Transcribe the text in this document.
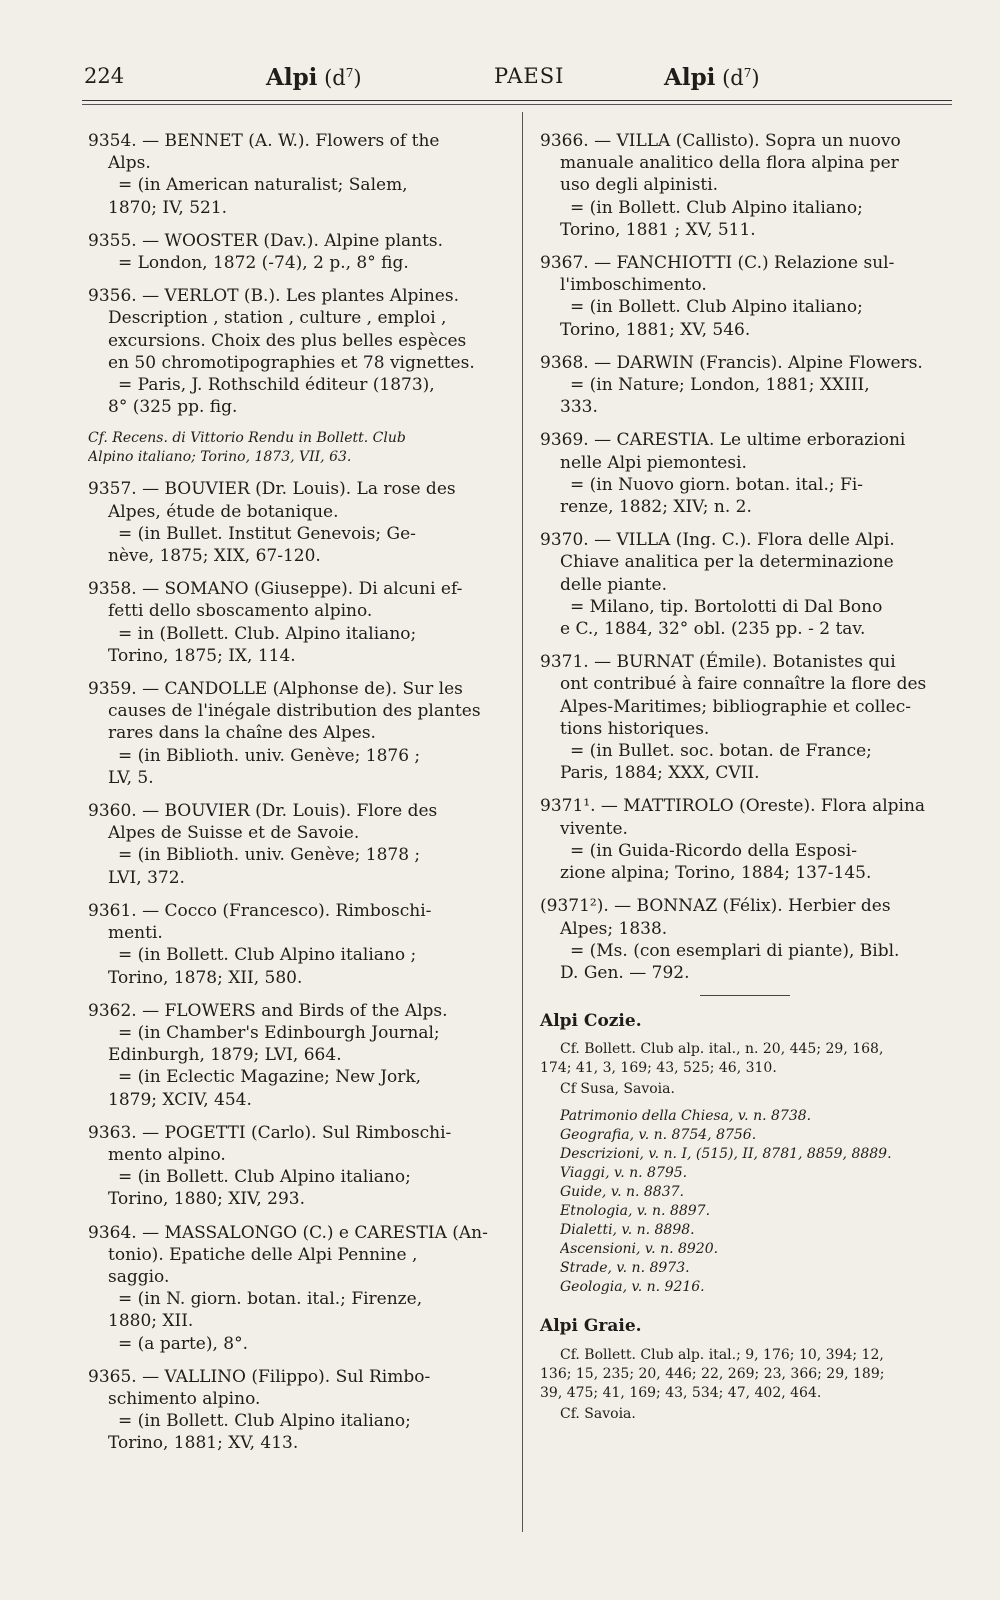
224	Alpi $(d^7)$	PAESI	Alpi $(d^7)$
9354. — BENNET (A. W.). Flowers of the
Alps.
= (in American naturalist; Salem,
1870; IV, 521.
9355. — WOOSTER (Dav.). Alpine plants.
= London, 1872 (-74), 2 p., 8° fig.
9356. — VERLOT (B.). Les plantes Alpines.
Description , station , culture , emploi ,
excursions. Choix des plus belles espèces
en 50 chromotipographies et 78 vignettes.
= Paris, J. Rothschild éditeur (1873),
8° (325 pp. fig.
Cf. Recens. di Vittorio Rendu in Bollett. Club
Alpino italiano; Torino, 1873, VII, 63.
9357. — BOUVIER (Dr. Louis). La rose des
Alpes, étude de botanique.
= (in Bullet. Institut Genevois; Ge-
nève, 1875; XIX, 67-120.
9358. — SOMANO (Giuseppe). Di alcuni ef-
fetti dello sboscamento alpino.
= in (Bollett. Club. Alpino italiano;
Torino, 1875; IX, 114.
9359. — CANDOLLE (Alphonse de). Sur les
causes de l'inégale distribution des plantes
rares dans la chaîne des Alpes.
= (in Biblioth. univ. Genève; 1876 ;
LV, 5.
9360. — BOUVIER (Dr. Louis). Flore des
Alpes de Suisse et de Savoie.
= (in Biblioth. univ. Genève; 1878 ;
LVI, 372.
9361. — Cocco (Francesco). Rimboschi-
menti.
= (in Bollett. Club Alpino italiano ;
Torino, 1878; XII, 580.
9362. — FLOWERS and Birds of the Alps.
= (in Chamber's Edinbourgh Journal;
Edinburgh, 1879; LVI, 664.
= (in Eclectic Magazine; New Jork,
1879; XCIV, 454.
9363. — POGETTI (Carlo). Sul Rimboschi-
mento alpino.
= (in Bollett. Club Alpino italiano;
Torino, 1880; XIV, 293.
9364. — MASSALONGO (C.) e CARESTIA (An-
tonio). Epatiche delle Alpi Pennine ,
saggio.
= (in N. giorn. botan. ital.; Firenze,
1880; XII.
= (a parte), 8°.
9365. — VALLINO (Filippo). Sul Rimbo-
schimento alpino.
= (in Bollett. Club Alpino italiano;
Torino, 1881; XV, 413.
9366. — VILLA (Callisto). Sopra un nuovo
manuale analitico della flora alpina per
uso degli alpinisti.
= (in Bollett. Club Alpino italiano;
Torino, 1881 ; XV, 511.
9367. — FANCHIOTTI (C.) Relazione sul-
l'imboschimento.
= (in Bollett. Club Alpino italiano;
Torino, 1881; XV, 546.
9368. — DARWIN (Francis). Alpine Flowers.
= (in Nature; London, 1881; XXIII,
333.
9369. — CARESTIA. Le ultime erborazioni
nelle Alpi piemontesi.
= (in Nuovo giorn. botan. ital.; Fi-
renze, 1882; XIV; n. 2.
9370. — VILLA (Ing. C.). Flora delle Alpi.
Chiave analitica per la determinazione
delle piante.
= Milano, tip. Bortolotti di Dal Bono
e C., 1884, 32° obl. (235 pp. - 2 tav.
9371. — BURNAT (Émile). Botanistes qui
ont contribué à faire connaître la flore des
Alpes-Maritimes; bibliographie et collec-
tions historiques.
= (in Bullet. soc. botan. de France;
Paris, 1884; XXX, CVII.
9371¹. — MATTIROLO (Oreste). Flora alpina
vivente.
= (in Guida-Ricordo della Esposi-
zione alpina; Torino, 1884; 137-145.
(9371²). — BONNAZ (Félix). Herbier des
Alpes; 1838.
= (Ms. (con esemplari di piante), Bibl.
D. Gen. — 792.
Alpi Cozie.
Cf. Bollett. Club alp. ital., n. 20, 445; 29, 168,
174; 41, 3, 169; 43, 525; 46, 310.
Cf Susa, Savoia.
Patrimonio della Chiesa, v. n. 8738.
Geografia, v. n. 8754, 8756.
Descrizioni, v. n. I, (515), II, 8781, 8859, 8889.
Viaggi, v. n. 8795.
Guide, v. n. 8837.
Etnologia, v. n. 8897.
Dialetti, v. n. 8898.
Ascensioni, v. n. 8920.
Strade, v. n. 8973.
Geologia, v. n. 9216.
Alpi Graie.
Cf. Bollett. Club alp. ital.; 9, 176; 10, 394; 12,
136; 15, 235; 20, 446; 22, 269; 23, 366; 29, 189;
39, 475; 41, 169; 43, 534; 47, 402, 464.
Cf. Savoia.
